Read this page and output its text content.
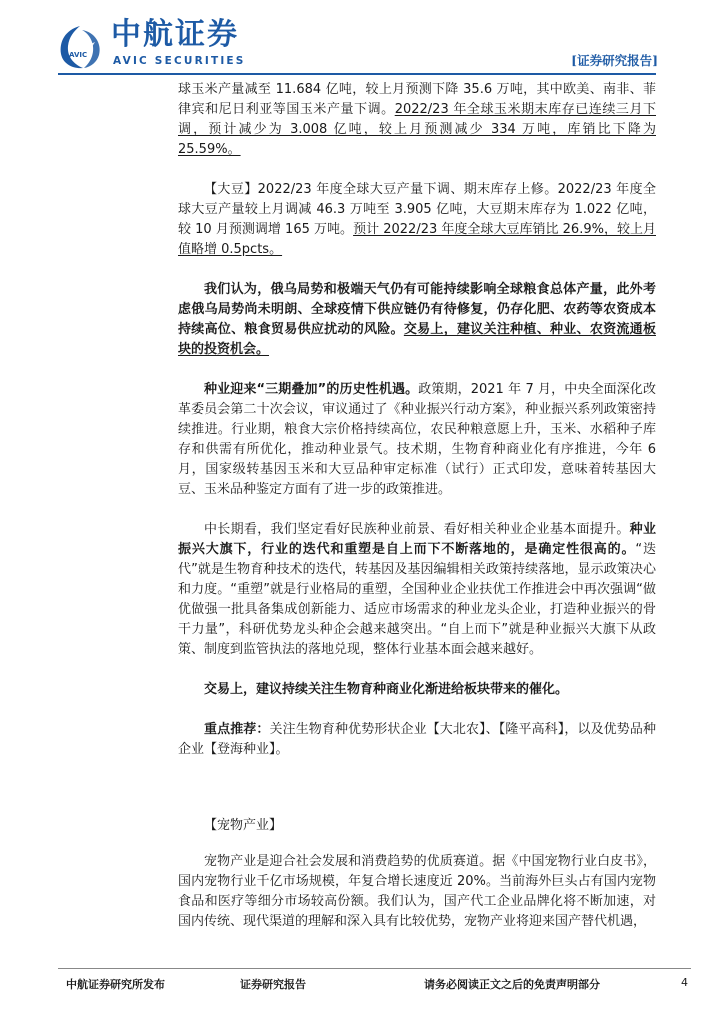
AVIC
中航证券
AVIC SECURITIES	[证券研究报告]

球玉米产量减至 11.684 亿吨，较上月预测下降 35.6 万吨，其中欧美、南非、菲律宾和尼日利亚等国玉米产量下调。2022/23 年全球玉米期末库存已连续三月下调，预计减少为 3.008 亿吨，较上月预测减少 334 万吨，库销比下降为 25.59%。

【大豆】2022/23 年度全球大豆产量下调、期末库存上修。2022/23 年度全球大豆产量较上月调减 46.3 万吨至 3.905 亿吨，大豆期末库存为 1.022 亿吨，较 10 月预测调增 165 万吨。预计 2022/23 年度全球大豆库销比 26.9%，较上月值略增 0.5pcts。

我们认为，俄乌局势和极端天气仍有可能持续影响全球粮食总体产量，此外考虑俄乌局势尚未明朗、全球疫情下供应链仍有待修复，仍存化肥、农药等农资成本持续高位、粮食贸易供应扰动的风险。交易上，建议关注种植、种业、农资流通板块的投资机会。

种业迎来“三期叠加”的历史性机遇。政策期，2021 年 7 月，中央全面深化改革委员会第二十次会议，审议通过了《种业振兴行动方案》，种业振兴系列政策密持续推进。行业期，粮食大宗价格持续高位，农民种粮意愿上升，玉米、水稻种子库存和供需有所优化，推动种业景气。技术期，生物育种商业化有序推进，今年 6 月，国家级转基因玉米和大豆品种审定标准（试行）正式印发，意味着转基因大豆、玉米品种鉴定方面有了进一步的政策推进。

中长期看，我们坚定看好民族种业前景、看好相关种业企业基本面提升。种业振兴大旗下，行业的迭代和重塑是自上而下不断落地的，是确定性很高的。“迭代”就是生物育种技术的迭代，转基因及基因编辑相关政策持续落地，显示政策决心和力度。“重塑”就是行业格局的重塑，全国种业企业扶优工作推进会中再次强调“做优做强一批具备集成创新能力、适应市场需求的种业龙头企业，打造种业振兴的骨干力量”，科研优势龙头种企会越来越突出。“自上而下”就是种业振兴大旗下从政策、制度到监管执法的落地兑现，整体行业基本面会越来越好。

交易上，建议持续关注生物育种商业化渐进给板块带来的催化。

重点推荐：关注生物育种优势形状企业【大北农】、【隆平高科】，以及优势品种企业【登海种业】。

【宠物产业】

宠物产业是迎合社会发展和消费趋势的优质赛道。据《中国宠物行业白皮书》，国内宠物行业千亿市场规模，年复合增长速度近 20%。当前海外巨头占有国内宠物食品和医疗等细分市场较高份额。我们认为，国产代工企业品牌化将不断加速，对国内传统、现代渠道的理解和深入具有比较优势，宠物产业将迎来国产替代机遇，

中航证券研究所发布	证券研究报告	请务必阅读正文之后的免责声明部分	4
